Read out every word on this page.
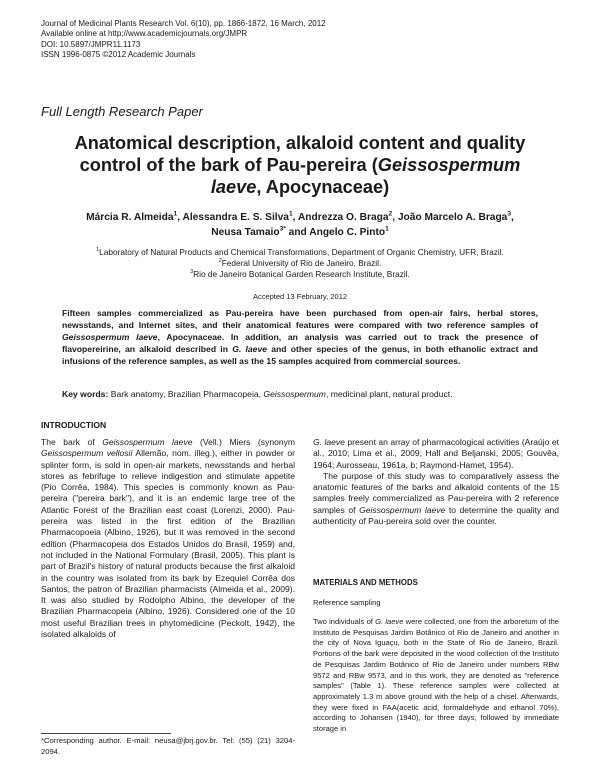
Journal of Medicinal Plants Research Vol. 6(10), pp. 1866-1872, 16 March, 2012
Available online at http://www.academicjournals.org/JMPR
DOI: 10.5897/JMPR11.1173
ISSN 1996-0875 ©2012 Academic Journals
Full Length Research Paper
Anatomical description, alkaloid content and quality
control of the bark of Pau-pereira (Geissospermum
laeve, Apocynaceae)
Márcia R. Almeida$^1$, Alessandra E. S. Silva$^1$, Andrezza O. Braga$^2$, João Marcelo A. Braga$^3$,
Neusa Tamaio$^{3*}$ and Angelo C. Pinto$^1$
$^1$Laboratory of Natural Products and Chemical Transformations, Department of Organic Chemistry, UFR, Brazil.
$^2$Federal University of Rio de Janeiro, Brazil.
$^3$Rio de Janeiro Botanical Garden Research Institute, Brazil.
Accepted 13 February, 2012
Fifteen samples commercialized as Pau-pereira have been purchased from open-air fairs, herbal stores, newsstands, and Internet sites, and their anatomical features were compared with two reference samples of Geissospermum laeve, Apocynaceae. In addition, an analysis was carried out to track the presence of flavopereirine, an alkaloid described in G. laeve and other species of the genus, in both ethanolic extract and infusions of the reference samples, as well as the 15 samples acquired from commercial sources.
Key words: Bark anatomy, Brazilian Pharmacopeia, Geissospermum, medicinal plant, natural product.
INTRODUCTION

The bark of Geissospermum laeve (Vell.) Miers (synonym Geissospermum vellosii Allemão, nom. illeg.), either in powder or splinter form, is sold in open-air markets, newsstands and herbal stores as febrifuge to relieve indigestion and stimulate appetite (Pio Corrêa, 1984). This species is commonly known as Pau-pereira ("pereira bark"), and it is an endemic large tree of the Atlantic Forest of the Brazilian east coast (Lorenzi, 2000). Pau-pereira was listed in the first edition of the Brazilian Pharmacopoeia (Albino, 1926), but it was removed in the second edition (Pharmacopeia dos Estados Unidos do Brasil, 1959) and, not included in the National Formulary (Brasil, 2005). This plant is part of Brazil's history of natural products because the first alkaloid in the country was isolated from its bark by Ezequiel Corrêa dos Santos, the patron of Brazilian pharmacists (Almeida et al., 2009). It was also studied by Rodolpho Albino, the developer of the Brazilian Pharmacopeia (Albino, 1926). Considered one of the 10 most useful Brazilian trees in phytomedicine (Peckolt, 1942), the isolated alkaloids of

G. laeve present an array of pharmacological activities (Araújo et al., 2010; Lima et al., 2009; Hall and Beljanski, 2005; Gouvêa, 1964; Aurosseau, 1961a, b; Raymond-Hamet, 1954).

The purpose of this study was to comparatively assess the anatomic features of the barks and alkaloid contents of the 15 samples freely commercialized as Pau-pereira with 2 reference samples of Geissospermum laeve to determine the quality and authenticity of Pau-pereira sold over the counter.

MATERIALS AND METHODS
Reference sampling
Two individuals of G. laeve were collected, one from the arboretum of the Instituto de Pesquisas Jardim Botânico of Rio de Janeiro and another in the city of Nova Iguaçu, both in the State of Rio de Janeiro, Brazil. Portions of the bark were deposited in the wood collection of the Instituto de Pesquisas Jardim Botânico of Rio de Janeiro under numbers RBw 9572 and RBw 9573, and in this work, they are denoted as "reference samples" (Table 1). These reference samples were collected at approximately 1.3 m above ground with the help of a chisel. Afterwards, they were fixed in FAA(acetic acid, formaldehyde and ethanol 70%), according to Johansen (1940), for three days, followed by immediate storage in
*Corresponding author. E-mail: neusa@jbrj.gov.br. Tel: (55) (21) 3204-2094.
